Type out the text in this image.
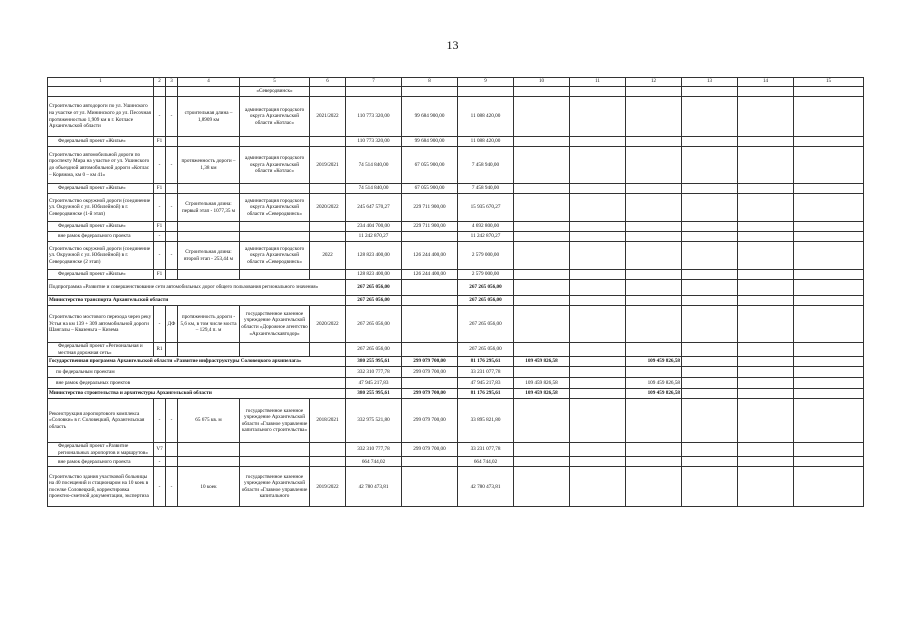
13
1	2	3	4	5	6	7	8	9	10	11	12	13	14	15
				«Северодвинск»										
Строительство автодороги по ул. Ушинского на участке от ул. Мининского до ул. Песочная протяженностью 1,909 км в г. Котласе Архангельской области	-	-	строительная длина – 1,8909 км	администрация городского округа Архангельской области «Котлас»	2021/2022	110 773 320,00	99 684 900,00	11 088 420,00						
Федеральный проект «Жилье»	F1					110 773 320,00	99 684 900,00	11 088 420,00						
Строительство автомобильной дороги по проспекту Мира на участке от ул. Ушинского до объездной автомобильной дороги «Котлас – Коряжма, км 0 – км 41»	-	-	протяженность дороги – 1,38 км	администрация городского округа Архангельской области «Котлас»	2019/2021	74 514 840,00	67 055 900,00	7 458 940,00						
Федеральный проект «Жилье»	F1					74 514 840,00	67 055 900,00	7 458 940,00						
Строительство окружной дороги (соединение ул. Окружной с ул. Юбилейной) в г. Северодвинске (1-й этап)	-	-	Строительная длина: первый этап - 1077,35 м	администрация городского округа Архангельской области «Северодвинск»	2020/2022	245 647 570,27	229 711 900,00	15 935 670,27						
Федеральный проект «Жилье»	F1					234 404 700,00	229 711 900,00	4 692 800,00						
вне рамок федерального проекта	-					11 242 870,27		11 242 870,27						
Строительство окружной дороги (соединение ул. Окружной с ул. Юбилейной) в г. Северодвинске (2 этап)	-	-	Строительная длина: второй этап - 253,44 м	администрация городского округа Архангельской области «Северодвинск»	2022	128 823 400,00	126 244 400,00	2 579 000,00						
Федеральный проект «Жилье»	F1					128 823 400,00	126 244 400,00	2 579 000,00						
Подпрограмма «Развитие и совершенствование сети автомобильных дорог общего пользования регионального значения»						267 265 056,00		267 265 056,00						
Министерство транспорта Архангельской области						267 265 056,00		267 265 056,00						
Строительство мостового перехода через реку Устья на км 139 + 309 автомобильной дороги Шангалы – Квазеньга – Кизема	-	ДФ	протяженность дороги - 5,6 км, в том числе моста – 129,4 п. м	государственное казенное учреждение Архангельской области «Дорожное агентство «Архангельскавтодор»	2020/2022	267 265 056,00		267 265 056,00						
Федеральный проект «Региональная и местная дорожная сеть»	R1					267 265 056,00		267 265 056,00						
Государственная программа Архангельской области «Развитие инфраструктуры Соловецкого архипелага»						380 255 995,61	299 079 700,00	81 176 295,61	109 459 826,58		109 459 826,58			
по федеральным проектам						332 310 777,78	299 079 700,00	33 231 077,78						
вне рамок федеральных проектов						47 945 217,83		47 945 217,83	109 459 826,58		109 459 826,58			
Министерство строительства и архитектуры Архангельской области						380 255 995,61	299 079 700,00	81 176 295,61	109 459 826,58		109 459 826,58			
Реконструкция аэропортового комплекса «Соловки» в г. Соловецкий, Архангельская область	-	-	65 675 кв. м	государственное казенное учреждение Архангельской области «Главное управление капитального строительства»	2018/2021	332 975 521,80	299 079 700,00	33 895 821,80						
Федеральный проект «Развитие региональных аэропортов и маршрутов»	V7					332 310 777,78	299 079 700,00	33 231 077,78						
вне рамок федерального проекта	-					664 744,02		664 744,02						
Строительство здания участковой больницы на 40 посещений и стационаром на 10 коек в поселке Соловецкий, корректировка проектно-сметной документации, экспертиза	-	-	10 коек	государственное казенное учреждение Архангельской области «Главное управление капитального	2019/2022	42 780 473,81		42 780 473,81						
